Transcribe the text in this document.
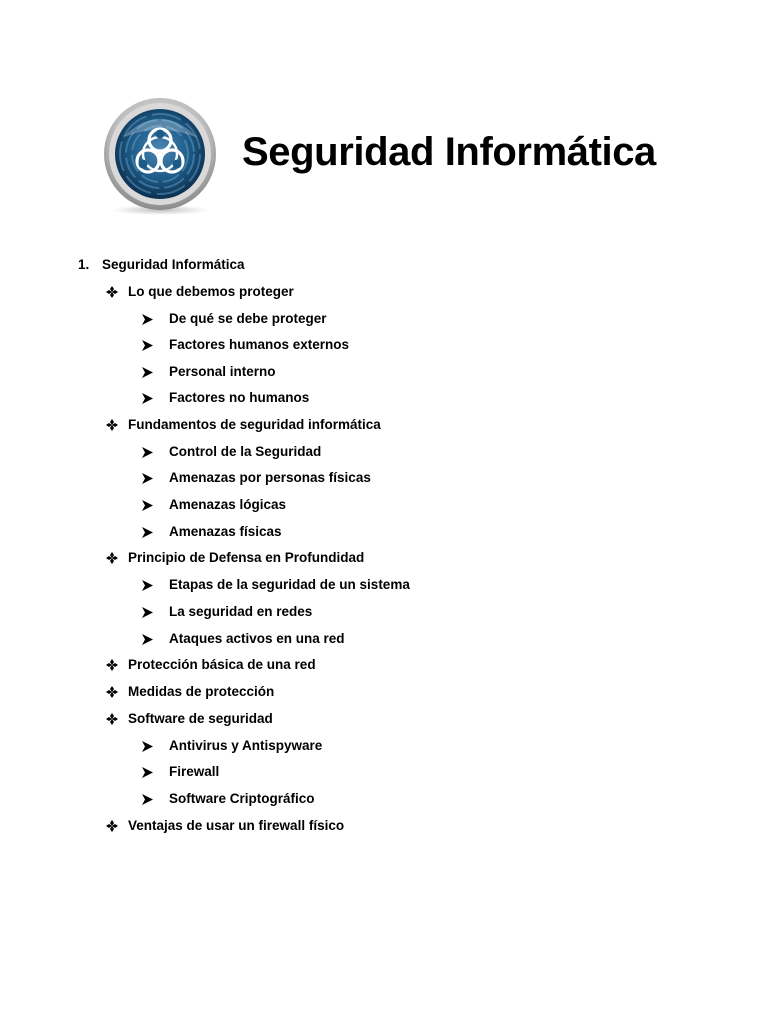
Seguridad Informática
1. Seguridad Informática
Lo que debemos proteger
De qué se debe proteger
Factores humanos externos
Personal interno
Factores no humanos
Fundamentos de seguridad informática
Control de la Seguridad
Amenazas por personas físicas
Amenazas lógicas
Amenazas físicas
Principio de Defensa en Profundidad
Etapas de la seguridad de un sistema
La seguridad en redes
Ataques activos en una red
Protección básica de una red
Medidas de protección
Software de seguridad
Antivirus y Antispyware
Firewall
Software Criptográfico
Ventajas de usar un firewall físico
